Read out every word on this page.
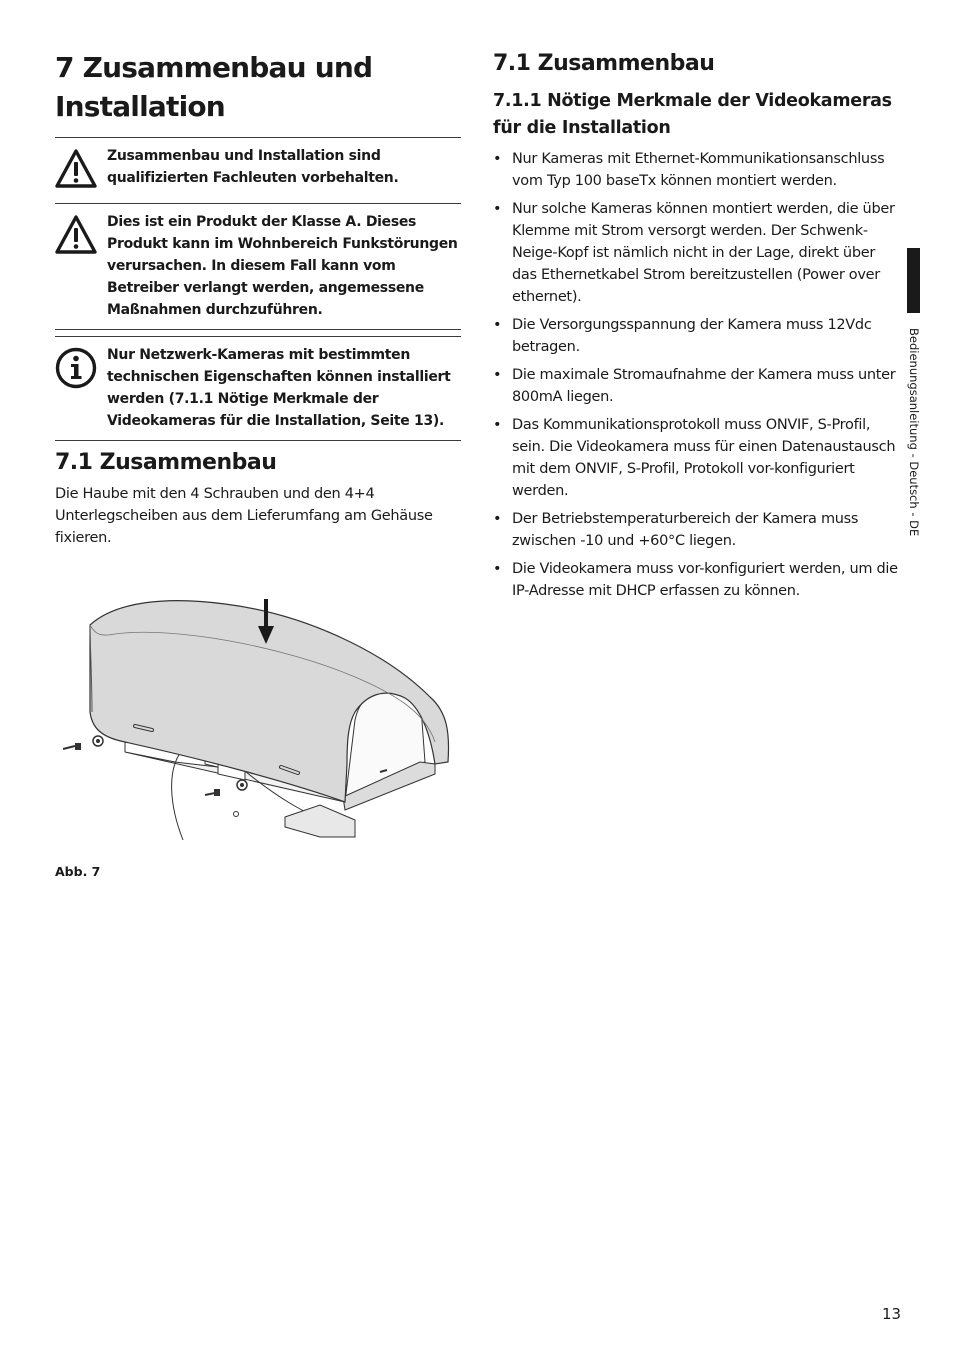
7 Zusammenbau und Installation

Zusammenbau und Installation sind qualifizierten Fachleuten vorbehalten.

Dies ist ein Produkt der Klasse A. Dieses Produkt kann im Wohnbereich Funkstörungen verursachen. In diesem Fall kann vom Betreiber verlangt werden, angemessene Maßnahmen durchzuführen.

Nur Netzwerk-Kameras mit bestimmten technischen Eigenschaften können installiert werden (7.1.1 Nötige Merkmale der Videokameras für die Installation, Seite 13).

7.1 Zusammenbau

Die Haube mit den 4 Schrauben und den 4+4 Unterlegscheiben aus dem Lieferumfang am Gehäuse fixieren.

Abb. 7
7.1 Zusammenbau
7.1.1 Nötige Merkmale der Videokameras für die Installation
• Nur Kameras mit Ethernet-Kommunikationsanschluss vom Typ 100 baseTx können montiert werden.
• Nur solche Kameras können montiert werden, die über Klemme mit Strom versorgt werden. Der Schwenk-Neige-Kopf ist nämlich nicht in der Lage, direkt über das Ethernetkabel Strom bereitzustellen (Power over ethernet).
• Die Versorgungsspannung der Kamera muss 12Vdc betragen.
• Die maximale Stromaufnahme der Kamera muss unter 800mA liegen.
• Das Kommunikationsprotokoll muss ONVIF, S-Profil, sein. Die Videokamera muss für einen Datenaustausch mit dem ONVIF, S-Profil, Protokoll vor-konfiguriert werden.
• Der Betriebstemperaturbereich der Kamera muss zwischen -10 und +60°C liegen.
• Die Videokamera muss vor-konfiguriert werden, um die IP-Adresse mit DHCP erfassen zu können.
Bedienungsanleitung - Deutsch - DE
13
